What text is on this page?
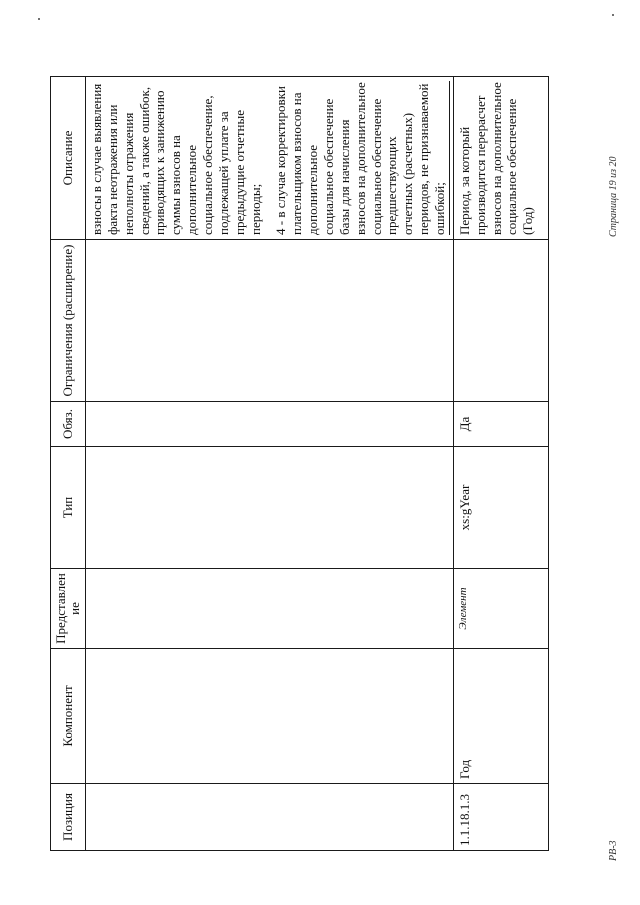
Позиция	Компонент	Представлен ие	Тип	Обяз.	Ограничения (расширение)	Описание

						взносы в случае выявления факта неотражения или неполноты отражения сведений, а также ошибок, приводящих к занижению суммы взносов на дополнительное социальное обеспечение, подлежащей уплате за предыдущие отчетные периоды; 4 - в случае корректировки плательщиком взносов на дополнительное социальное обеспечение базы для начисления взносов на дополнительное социальное обеспечение предшествующих отчетных (расчетных) периодов, не признаваемой ошибкой;

1.1.18.1.3	Год	Элемент	xs:gYear	Да		Период, за который производится перерасчет взносов на дополнительное социальное обеспечение (Год)	Страница 19 из 20
РВ-3
